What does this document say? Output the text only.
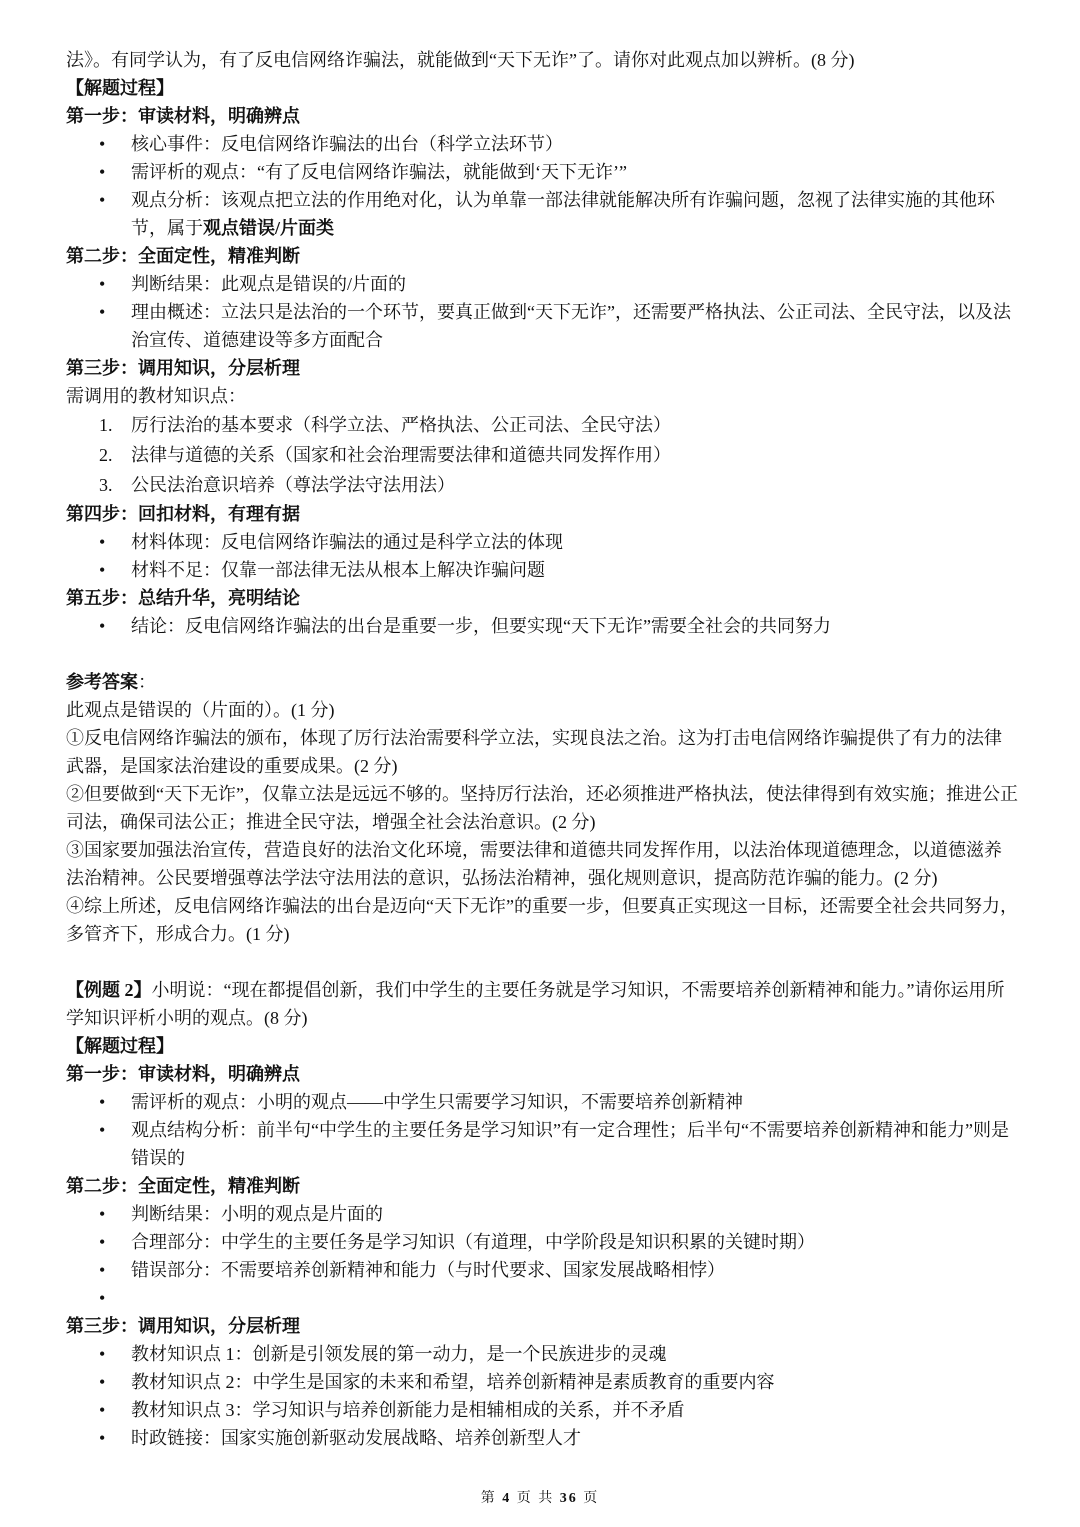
法》。有同学认为，有了反电信网络诈骗法，就能做到“天下无诈”了。请你对此观点加以辨析。(8 分)
【解题过程】
第一步：审读材料，明确辨点
•	核心事件：反电信网络诈骗法的出台（科学立法环节）
•	需评析的观点：“有了反电信网络诈骗法，就能做到‘天下无诈’”
•	观点分析：该观点把立法的作用绝对化，认为单靠一部法律就能解决所有诈骗问题，忽视了法律实施的其他环节，属于观点错误/片面类
第二步：全面定性，精准判断
•	判断结果：此观点是错误的/片面的
•	理由概述：立法只是法治的一个环节，要真正做到“天下无诈”，还需要严格执法、公正司法、全民守法，以及法治宣传、道德建设等多方面配合
第三步：调用知识，分层析理
需调用的教材知识点：
1.	厉行法治的基本要求（科学立法、严格执法、公正司法、全民守法）
2.	法律与道德的关系（国家和社会治理需要法律和道德共同发挥作用）
3.	公民法治意识培养（尊法学法守法用法）
第四步：回扣材料，有理有据
•	材料体现：反电信网络诈骗法的通过是科学立法的体现
•	材料不足：仅靠一部法律无法从根本上解决诈骗问题
第五步：总结升华，亮明结论
•	结论：反电信网络诈骗法的出台是重要一步，但要实现“天下无诈”需要全社会的共同努力
参考答案：
此观点是错误的（片面的）。(1 分)
①反电信网络诈骗法的颁布，体现了厉行法治需要科学立法，实现良法之治。这为打击电信网络诈骗提供了有力的法律武器，是国家法治建设的重要成果。(2 分)
②但要做到“天下无诈”，仅靠立法是远远不够的。坚持厉行法治，还必须推进严格执法，使法律得到有效实施；推进公正司法，确保司法公正；推进全民守法，增强全社会法治意识。(2 分)
③国家要加强法治宣传，营造良好的法治文化环境，需要法律和道德共同发挥作用，以法治体现道德理念，以道德滋养法治精神。公民要增强尊法学法守法用法的意识，弘扬法治精神，强化规则意识，提高防范诈骗的能力。(2 分)
④综上所述，反电信网络诈骗法的出台是迈向“天下无诈”的重要一步，但要真正实现这一目标，还需要全社会共同努力，多管齐下，形成合力。(1 分)
【例题 2】小明说：“现在都提倡创新，我们中学生的主要任务就是学习知识，不需要培养创新精神和能力。”请你运用所学知识评析小明的观点。(8 分)
【解题过程】
第一步：审读材料，明确辨点
•	需评析的观点：小明的观点——中学生只需要学习知识，不需要培养创新精神
•	观点结构分析：前半句“中学生的主要任务是学习知识”有一定合理性；后半句“不需要培养创新精神和能力”则是错误的
第二步：全面定性，精准判断
•	判断结果：小明的观点是片面的
•	合理部分：中学生的主要任务是学习知识（有道理，中学阶段是知识积累的关键时期）
•	错误部分：不需要培养创新精神和能力（与时代要求、国家发展战略相悖）
•
第三步：调用知识，分层析理
•	教材知识点 1：创新是引领发展的第一动力，是一个民族进步的灵魂
•	教材知识点 2：中学生是国家的未来和希望，培养创新精神是素质教育的重要内容
•	教材知识点 3：学习知识与培养创新能力是相辅相成的关系，并不矛盾
•	时政链接：国家实施创新驱动发展战略、培养创新型人才
第 4 页 共 36 页
